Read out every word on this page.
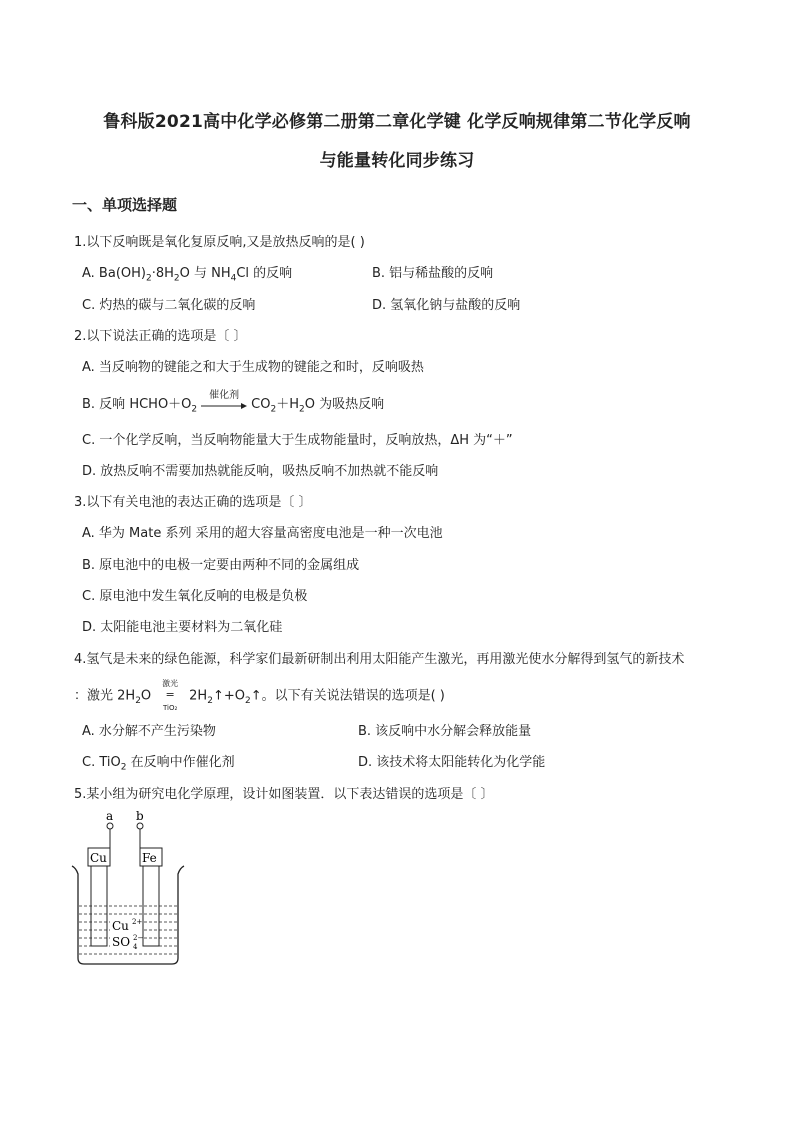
鲁科版2021高中化学必修第二册第二章化学键 化学反响规律第二节化学反响
与能量转化同步练习
一、单项选择题
1.以下反响既是氧化复原反响,又是放热反响的是( )
A. $Ba(OH)_2\cdot 8H_2O$ 与 $NH_4Cl$ 的反响	B. 铝与稀盐酸的反响
C. 灼热的碳与二氧化碳的反响	D. 氢氧化钠与盐酸的反响
2.以下说法正确的选项是〔 〕
A. 当反响物的键能之和大于生成物的键能之和时，反响吸热
B. 反响 $HCHO+O_2$
催化剂
$CO_2+H_2O$ 为吸热反响
C. 一个化学反响，当反响物能量大于生成物能量时，反响放热，ΔH 为“＋”
D. 放热反响不需要加热就能反响，吸热反响不加热就不能反响
3.以下有关电池的表达正确的选项是〔 〕
A. 华为 Mate 系列 采用的超大容量高密度电池是一种一次电池
B. 原电池中的电极一定要由两种不同的金属组成
C. 原电池中发生氧化反响的电极是负极
D. 太阳能电池主要材料为二氧化硅
4.氢气是未来的绿色能源，科学家们最新研制出利用太阳能产生激光，再用激光使水分解得到氢气的新技术
：激光 $2H_2O$
激光
=
TiO₂
$2H_2↑+O_2↑$。以下有关说法错误的选项是( )
A. 水分解不产生污染物	B. 该反响中水分解会释放能量
C. TiO$_2$ 在反响中作催化剂	D. 该技术将太阳能转化为化学能
5.某小组为研究电化学原理，设计如图装置．以下表达错误的选项是〔 〕
a b
Cu	Fe
Cu 2+
SO 4
2−
